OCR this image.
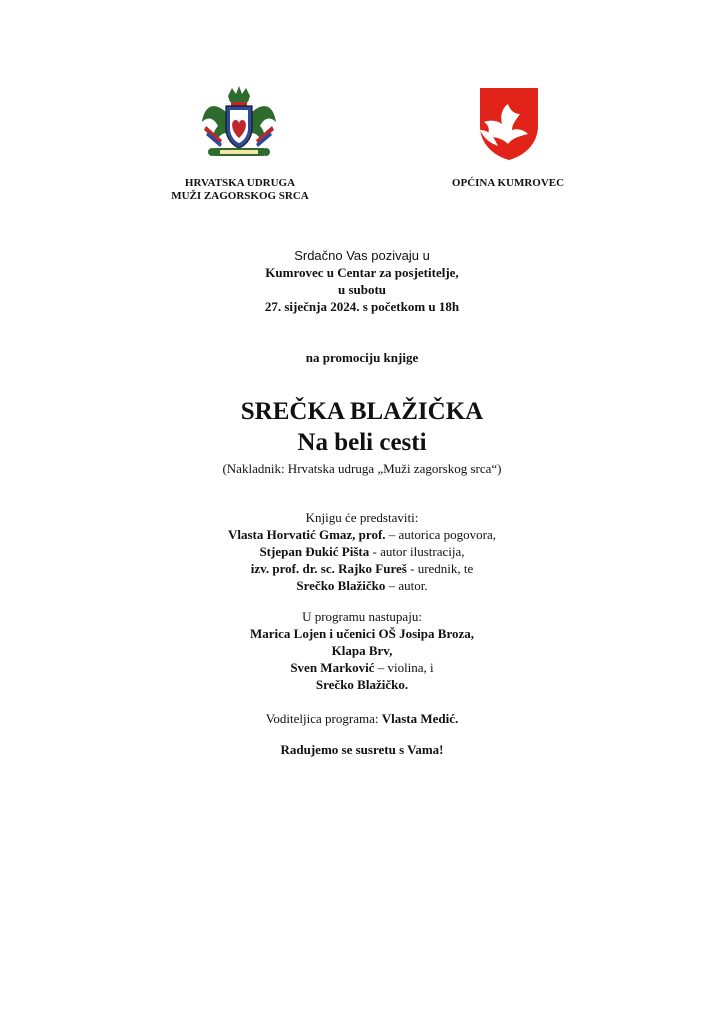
HRVATSKA UDRUGA
MUŽI ZAGORSKOG SRCA
OPĆINA KUMROVEC
Srdačno Vas pozivaju u
Kumrovec u Centar za posjetitelje,
u subotu
27. siječnja 2024. s početkom u 18h
na promociju knjige
SREČKA BLAŽIČKA
Na beli cesti
(Nakladnik: Hrvatska udruga „Muži zagorskog srca“)
Knjigu će predstaviti:
Vlasta Horvatić Gmaz, prof. – autorica pogovora,
Stjepan Đukić Pišta - autor ilustracija,
izv. prof. dr. sc. Rajko Fureš - urednik, te
Srečko Blažičko – autor.
U programu nastupaju:
Marica Lojen i učenici OŠ Josipa Broza,
Klapa Brv,
Sven Marković – violina, i
Srečko Blažičko.
Voditeljica programa: Vlasta Medić.
Radujemo se susretu s Vama!
